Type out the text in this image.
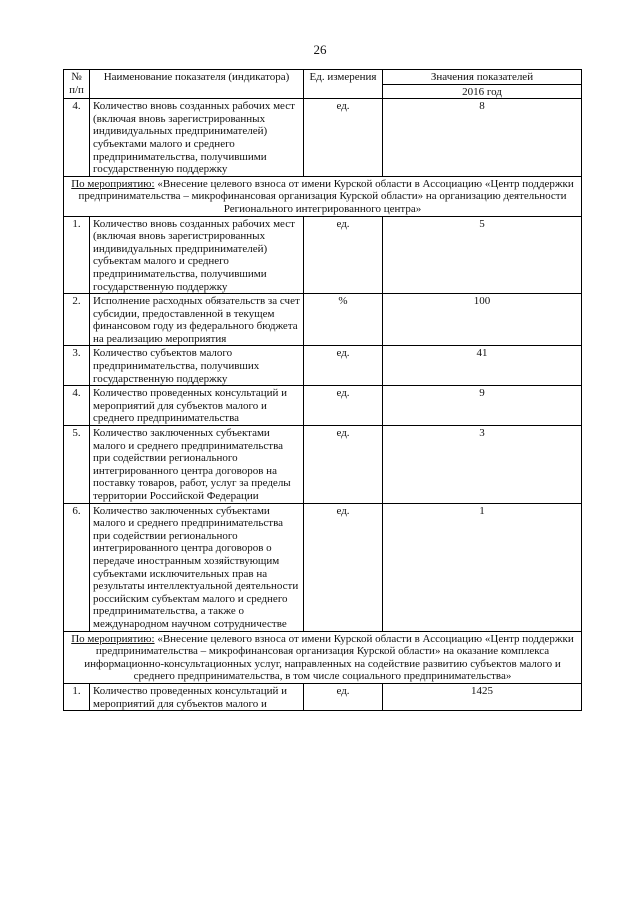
26
№ п/п	Наименование показателя (индикатора)	Ед. измерения	Значения показателей
			2016 год
4.	Количество вновь созданных рабочих мест (включая вновь зарегистрированных индивидуальных предпринимателей) субъектами малого и среднего предпринимательства, получившими государственную поддержку	ед.	8
По мероприятию: «Внесение целевого взноса от имени Курской области в Ассоциацию «Центр поддержки предпринимательства – микрофинансовая организация Курской области» на организацию деятельности Регионального интегрированного центра»			
1.	Количество вновь созданных рабочих мест (включая вновь зарегистрированных индивидуальных предпринимателей) субъектам малого и среднего предпринимательства, получившими государственную поддержку	ед.	5
2.	Исполнение расходных обязательств за счет субсидии, предоставленной в текущем финансовом году из федерального бюджета на реализацию мероприятия	%	100
3.	Количество субъектов малого предпринимательства, получивших государственную поддержку	ед.	41
4.	Количество проведенных консультаций и мероприятий для субъектов малого и среднего предпринимательства	ед.	9
5.	Количество заключенных субъектами малого и среднего предпринимательства при содействии регионального интегрированного центра договоров на поставку товаров, работ, услуг за пределы территории Российской Федерации	ед.	3
6.	Количество заключенных субъектами малого и среднего предпринимательства при содействии регионального интегрированного центра договоров о передаче иностранным хозяйствующим субъектами исключительных прав на результаты интеллектуальной деятельности российским субъектам малого и среднего предпринимательства, а также о международном научном сотрудничестве	ед.	1
По мероприятию: «Внесение целевого взноса от имени Курской области в Ассоциацию «Центр поддержки предпринимательства – микрофинансовая организация Курской области» на оказание комплекса информационно-консультационных услуг, направленных на содействие развитию субъектов малого и среднего предпринимательства, в том числе социального предпринимательства»			
1.	Количество проведенных консультаций и мероприятий для субъектов малого и	ед.	1425
